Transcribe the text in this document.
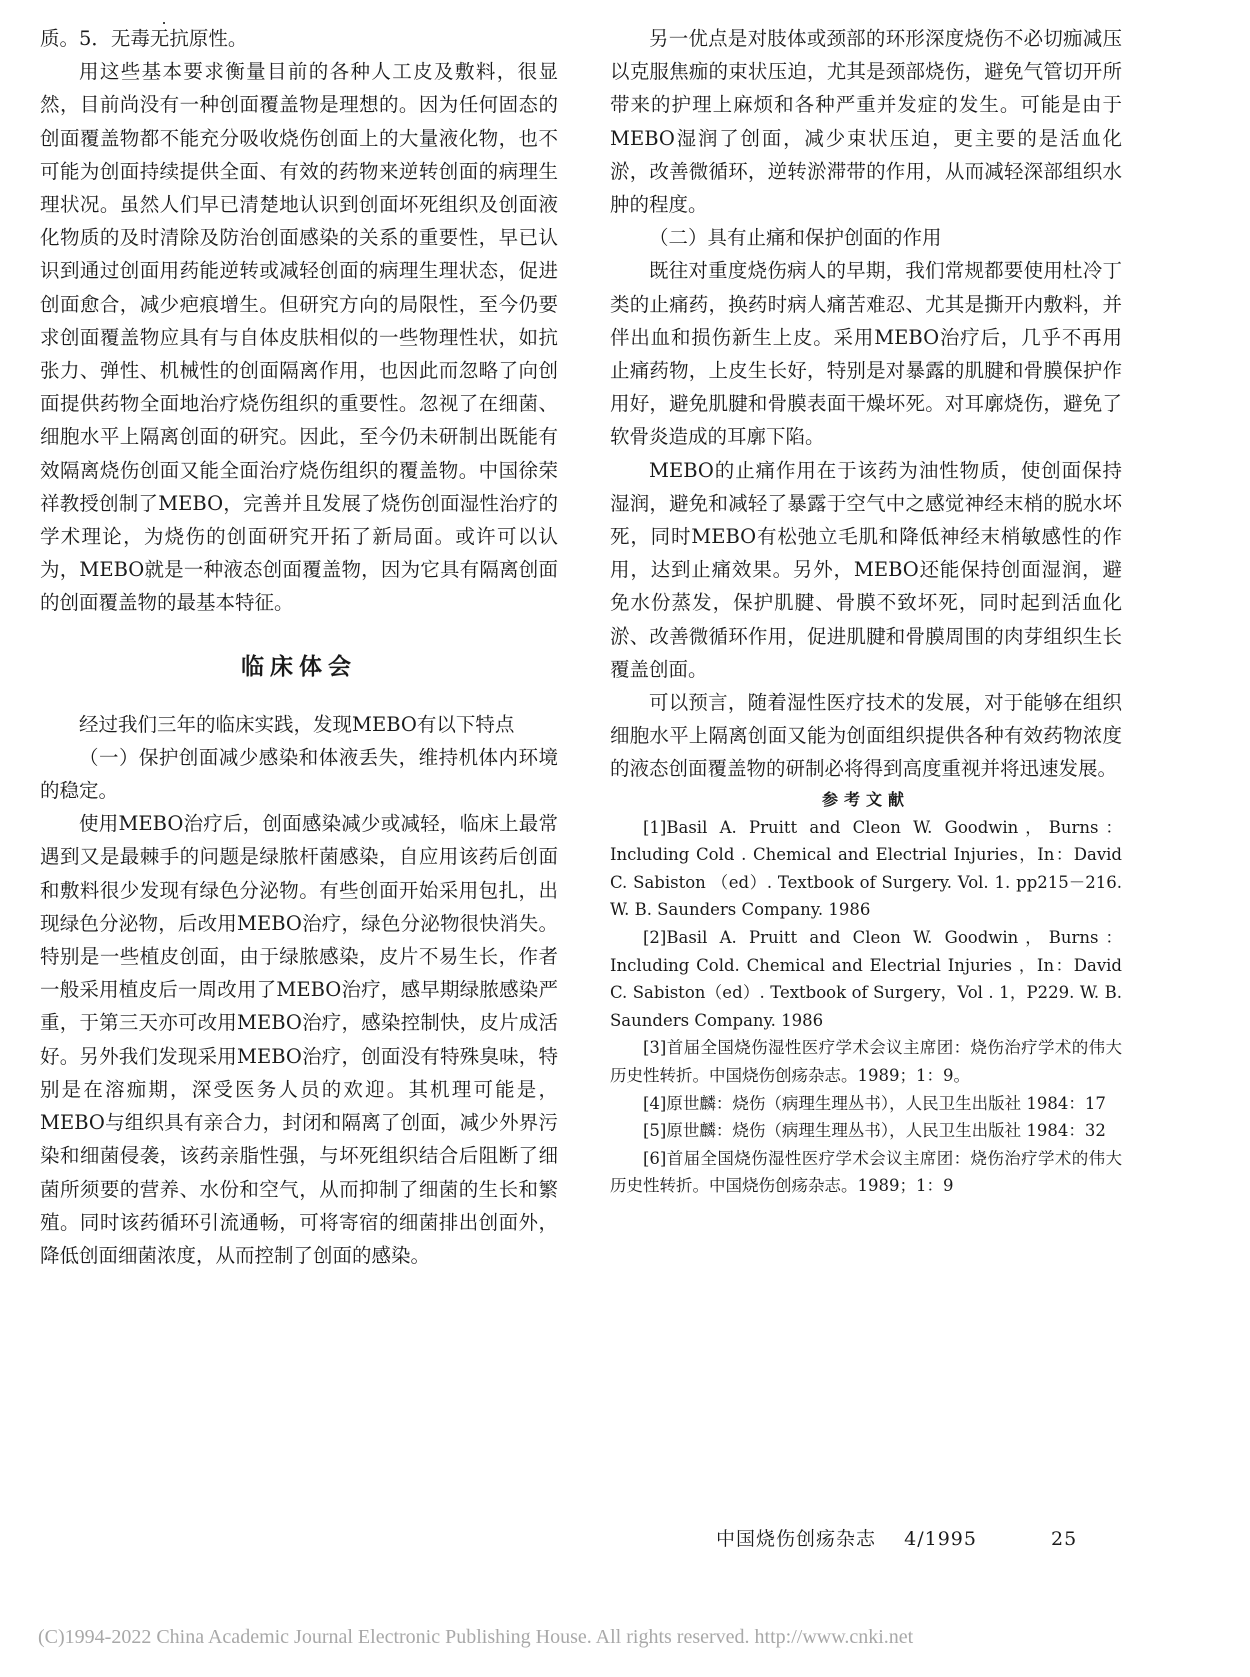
质。5．无毒无抗原性。

用这些基本要求衡量目前的各种人工皮及敷料，很显然，目前尚没有一种创面覆盖物是理想的。因为任何固态的创面覆盖物都不能充分吸收烧伤创面上的大量液化物，也不可能为创面持续提供全面、有效的药物来逆转创面的病理生理状况。虽然人们早已清楚地认识到创面坏死组织及创面液化物质的及时清除及防治创面感染的关系的重要性，早已认识到通过创面用药能逆转或减轻创面的病理生理状态，促进创面愈合，减少疤痕增生。但研究方向的局限性，至今仍要求创面覆盖物应具有与自体皮肤相似的一些物理性状，如抗张力、弹性、机械性的创面隔离作用，也因此而忽略了向创面提供药物全面地治疗烧伤组织的重要性。忽视了在细菌、细胞水平上隔离创面的研究。因此，至今仍未研制出既能有效隔离烧伤创面又能全面治疗烧伤组织的覆盖物。中国徐荣祥教授创制了MEBO，完善并且发展了烧伤创面湿性治疗的学术理论，为烧伤的创面研究开拓了新局面。或许可以认为，MEBO就是一种液态创面覆盖物，因为它具有隔离创面的创面覆盖物的最基本特征。

临床体会

经过我们三年的临床实践，发现MEBO有以下特点

（一）保护创面减少感染和体液丢失，维持机体内环境的稳定。

使用MEBO治疗后，创面感染减少或减轻，临床上最常遇到又是最棘手的问题是绿脓杆菌感染，自应用该药后创面和敷料很少发现有绿色分泌物。有些创面开始采用包扎，出现绿色分泌物，后改用MEBO治疗，绿色分泌物很快消失。特别是一些植皮创面，由于绿脓感染，皮片不易生长，作者一般采用植皮后一周改用了MEBO治疗，感早期绿脓感染严重，于第三天亦可改用MEBO治疗，感染控制快，皮片成活好。另外我们发现采用MEBO治疗，创面没有特殊臭味，特别是在溶痂期，深受医务人员的欢迎。其机理可能是，MEBO与组织具有亲合力，封闭和隔离了创面，减少外界污染和细菌侵袭，该药亲脂性强，与坏死组织结合后阻断了细菌所须要的营养、水份和空气，从而抑制了细菌的生长和繁殖。同时该药循环引流通畅，可将寄宿的细菌排出创面外，降低创面细菌浓度，从而控制了创面的感染。

另一优点是对肢体或颈部的环形深度烧伤不必切痂减压以克服焦痂的束状压迫，尤其是颈部烧伤，避免气管切开所带来的护理上麻烦和各种严重并发症的发生。可能是由于MEBO湿润了创面，减少束状压迫，更主要的是活血化淤，改善微循环，逆转淤滞带的作用，从而减轻深部组织水肿的程度。

（二）具有止痛和保护创面的作用

既往对重度烧伤病人的早期，我们常规都要使用杜冷丁类的止痛药，换药时病人痛苦难忍、尤其是撕开内敷料，并伴出血和损伤新生上皮。采用MEBO治疗后，几乎不再用止痛药物，上皮生长好，特别是对暴露的肌腱和骨膜保护作用好，避免肌腱和骨膜表面干燥坏死。对耳廓烧伤，避免了软骨炎造成的耳廓下陷。

MEBO的止痛作用在于该药为油性物质，使创面保持湿润，避免和减轻了暴露于空气中之感觉神经末梢的脱水坏死，同时MEBO有松弛立毛肌和降低神经末梢敏感性的作用，达到止痛效果。另外，MEBO还能保持创面湿润，避免水份蒸发，保护肌腱、骨膜不致坏死，同时起到活血化淤、改善微循环作用，促进肌腱和骨膜周围的肉芽组织生长覆盖创面。

可以预言，随着湿性医疗技术的发展，对于能够在组织细胞水平上隔离创面又能为创面组织提供各种有效药物浓度的液态创面覆盖物的研制必将得到高度重视并将迅速发展。

参考文献

[1]Basil A. Pruitt and Cleon W. Goodwin，Burns：Including Cold . Chemical and Electrial Injuries，In：David C. Sabiston （ed）. Textbook of Surgery. Vol. 1. pp215－216. W. B. Saunders Company. 1986

[2]Basil A. Pruitt and Cleon W. Goodwin，Burns：Including Cold. Chemical and Electrial Injuries ，In：David C. Sabiston（ed）. Textbook of Surgery，Vol . 1，P229. W. B. Saunders Company. 1986

[3]首届全国烧伤湿性医疗学术会议主席团：烧伤治疗学术的伟大历史性转折。中国烧伤创疡杂志。1989；1：9。

[4]原世麟：烧伤（病理生理丛书），人民卫生出版社 1984：17

[5]原世麟：烧伤（病理生理丛书），人民卫生出版社 1984：32

[6]首届全国烧伤湿性医疗学术会议主席团：烧伤治疗学术的伟大历史性转折。中国烧伤创疡杂志。1989；1：9

中国烧伤创疡杂志 4/1995	25
(C)1994-2022 China Academic Journal Electronic Publishing House. All rights reserved. http://www.cnki.net
